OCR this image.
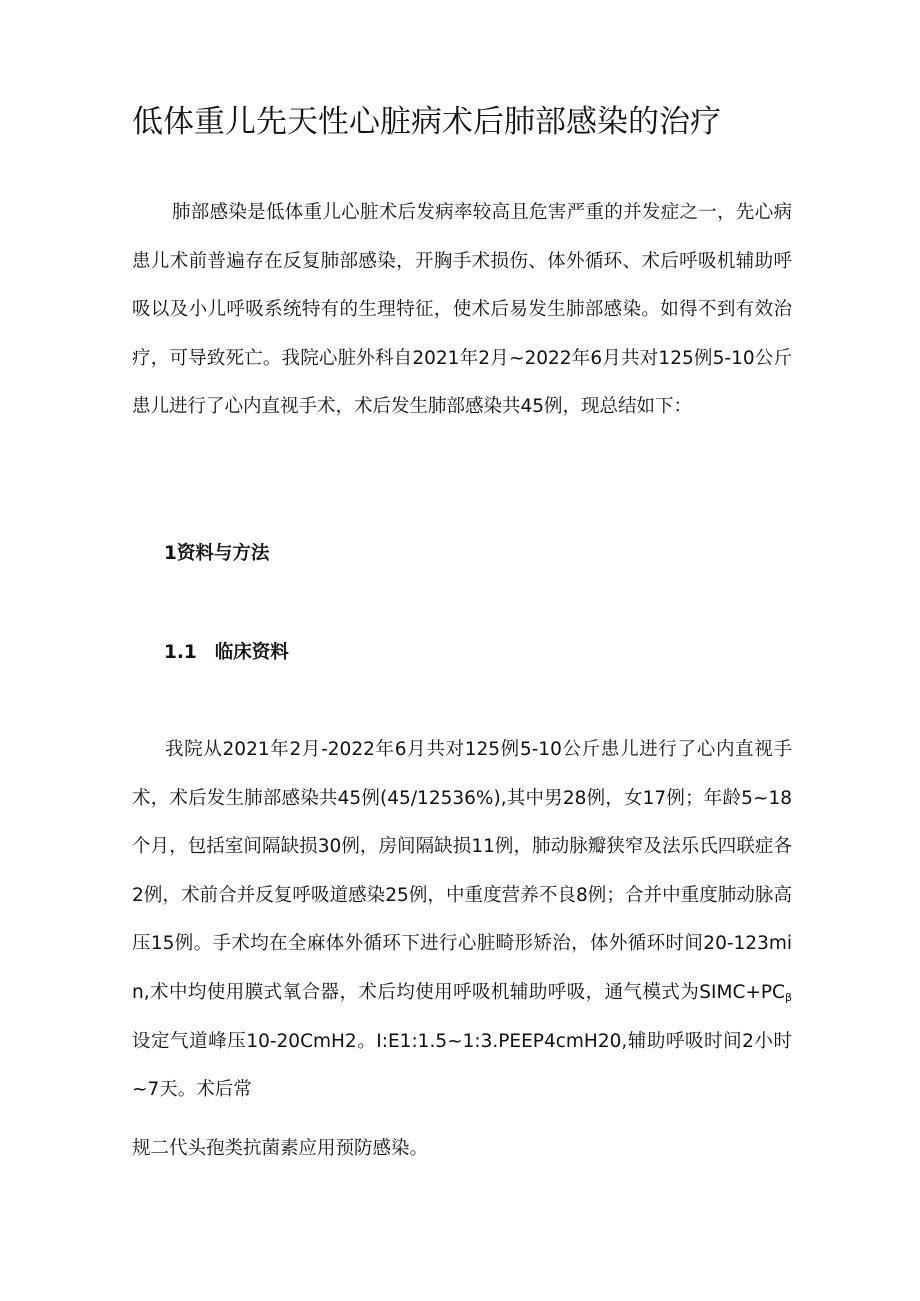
低体重儿先天性心脏病术后肺部感染的治疗
肺部感染是低体重儿心脏术后发病率较高且危害严重的并发症之一，先心病患儿术前普遍存在反复肺部感染，开胸手术损伤、体外循环、术后呼吸机辅助呼吸以及小儿呼吸系统特有的生理特征，使术后易发生肺部感染。如得不到有效治疗，可导致死亡。我院心脏外科自2021年2月~2022年6月共对125例5-10公斤患儿进行了心内直视手术，术后发生肺部感染共45例，现总结如下：
1资料与方法
1.1 临床资料
我院从2021年2月-2022年6月共对125例5-10公斤患儿进行了心内直视手术，术后发生肺部感染共45例(45/12536%),其中男28例，女17例；年龄5~18个月，包括室间隔缺损30例，房间隔缺损11例，肺动脉瓣狭窄及法乐氏四联症各2例，术前合并反复呼吸道感染25例，中重度营养不良8例；合并中重度肺动脉高压15例。手术均在全麻体外循环下进行心脏畸形矫治，体外循环时间20-123min,术中均使用膜式氧合器，术后均使用呼吸机辅助呼吸，通气模式为$SIMC+PC_\beta$设定气道峰压10-20CmH2。I:E1:1.5~1:3.PEEP4cmH20,辅助呼吸时间2小时~7天。术后常
规二代头孢类抗菌素应用预防感染。
